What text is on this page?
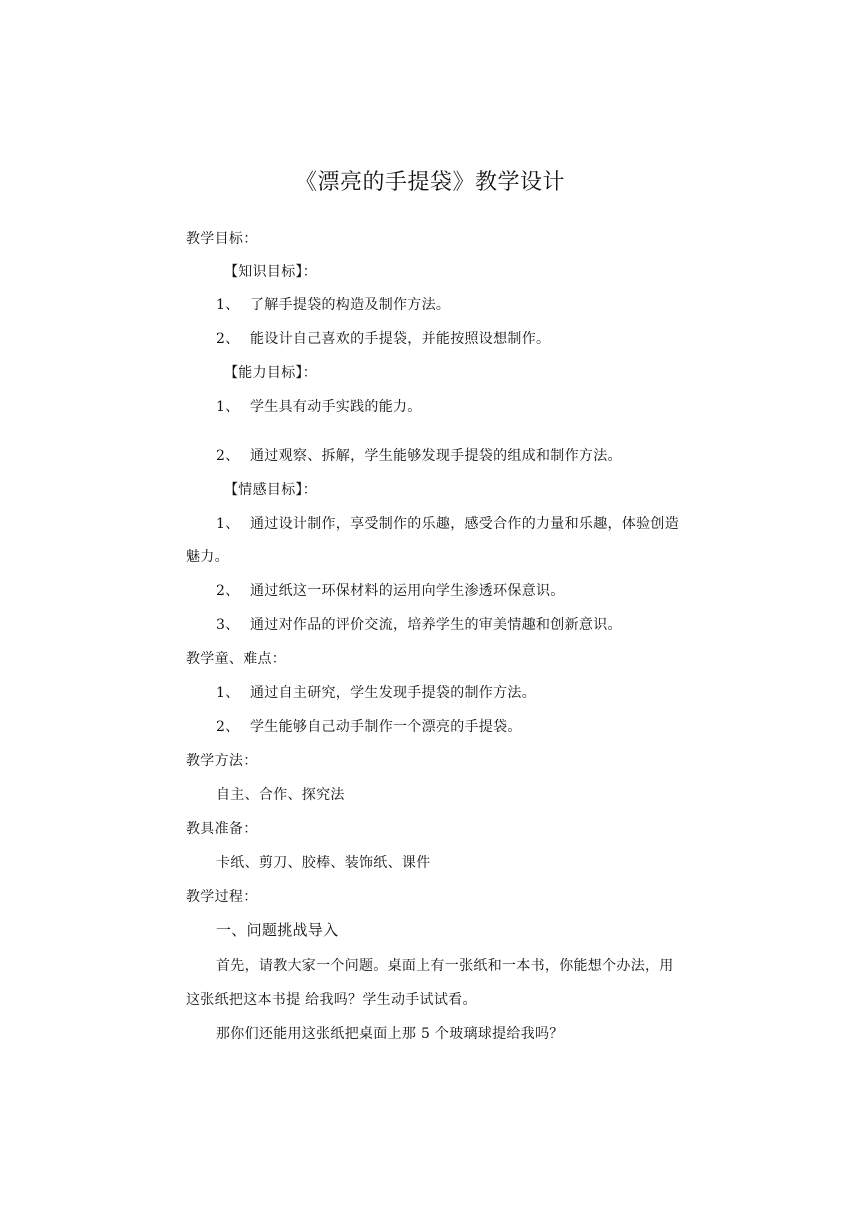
《漂亮的手提袋》教学设计
教学目标：
【知识目标】：
1、 了解手提袋的构造及制作方法。
2、 能设计自己喜欢的手提袋，并能按照设想制作。
【能力目标】：
1、 学生具有动手实践的能力。
2、 通过观察、拆解，学生能够发现手提袋的组成和制作方法。
【情感目标】：
1、 通过设计制作，享受制作的乐趣，感受合作的力量和乐趣，体验创造
魅力。
2、 通过纸这一环保材料的运用向学生渗透环保意识。
3、 通过对作品的评价交流，培养学生的审美情趣和创新意识。
教学童、难点：
1、 通过自主研究，学生发现手提袋的制作方法。
2、 学生能够自己动手制作一个漂亮的手提袋。
教学方法：
自主、合作、探究法
教具准备：
卡纸、剪刀、胶棒、装饰纸、课件
教学过程：
一、问题挑战导入
首先，请教大家一个问题。桌面上有一张纸和一本书，你能想个办法，用
这张纸把这本书提 给我吗？学生动手试试看。
那你们还能用这张纸把桌面上那 5 个玻璃球提给我吗？
